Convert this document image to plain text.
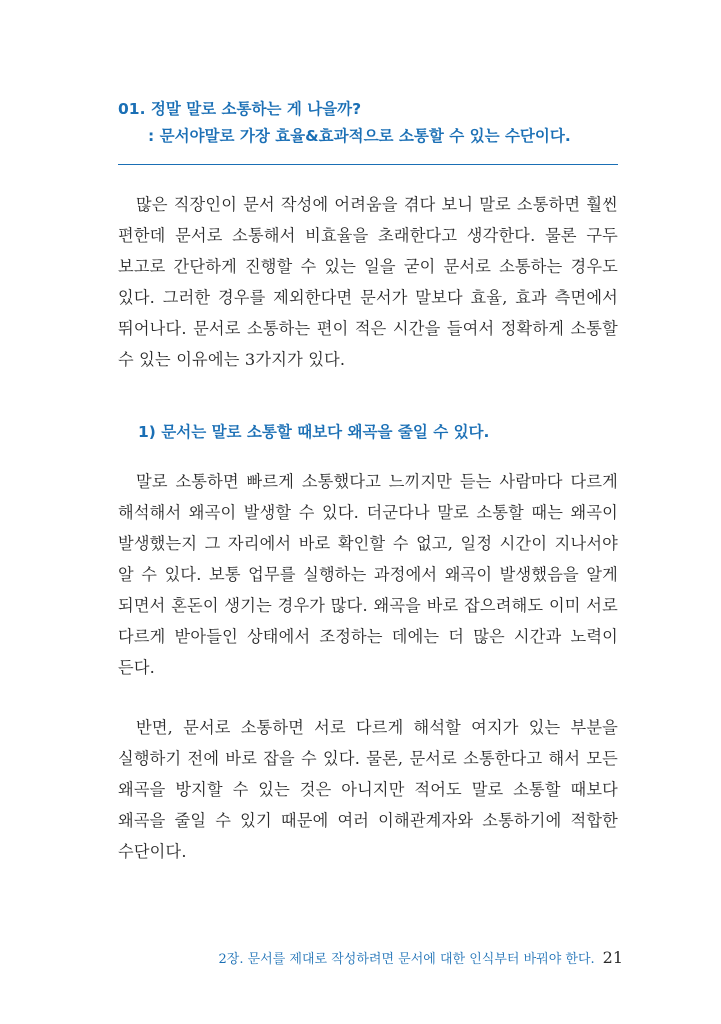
01. 정말 말로 소통하는 게 나을까?
: 문서야말로 가장 효율&효과적으로 소통할 수 있는 수단이다.

많은 직장인이 문서 작성에 어려움을 겪다 보니 말로 소통하면 훨씬 편한데 문서로 소통해서 비효율을 초래한다고 생각한다. 물론 구두 보고로 간단하게 진행할 수 있는 일을 굳이 문서로 소통하는 경우도 있다. 그러한 경우를 제외한다면 문서가 말보다 효율, 효과 측면에서 뛰어나다. 문서로 소통하는 편이 적은 시간을 들여서 정확하게 소통할 수 있는 이유에는 3가지가 있다.

1) 문서는 말로 소통할 때보다 왜곡을 줄일 수 있다.

말로 소통하면 빠르게 소통했다고 느끼지만 듣는 사람마다 다르게 해석해서 왜곡이 발생할 수 있다. 더군다나 말로 소통할 때는 왜곡이 발생했는지 그 자리에서 바로 확인할 수 없고, 일정 시간이 지나서야 알 수 있다. 보통 업무를 실행하는 과정에서 왜곡이 발생했음을 알게 되면서 혼돈이 생기는 경우가 많다. 왜곡을 바로 잡으려해도 이미 서로 다르게 받아들인 상태에서 조정하는 데에는 더 많은 시간과 노력이 든다.

반면, 문서로 소통하면 서로 다르게 해석할 여지가 있는 부분을 실행하기 전에 바로 잡을 수 있다. 물론, 문서로 소통한다고 해서 모든 왜곡을 방지할 수 있는 것은 아니지만 적어도 말로 소통할 때보다 왜곡을 줄일 수 있기 때문에 여러 이해관계자와 소통하기에 적합한 수단이다.

2장. 문서를 제대로 작성하려면 문서에 대한 인식부터 바꿔야 한다. 21
